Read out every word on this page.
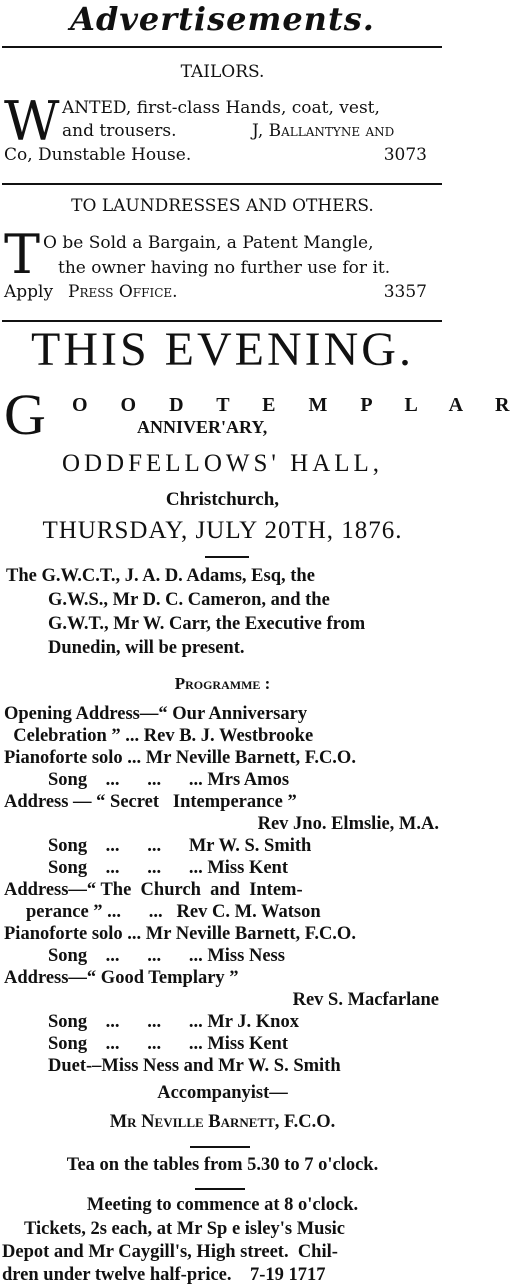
Advertisements.
TAILORS.
W ANTED, first-class Hands, coat, vest,
and trousers.	J, Ballantyne and
Co, Dunstable House.	3073
TO LAUNDRESSES AND OTHERS.
T O be Sold a Bargain, a Patent Mangle,
the owner having no further use for it.
Apply Press Office.	3357
THIS EVENING.
G O O D T E M P L A R
ANNIVER'ARY,
ODDFELLOWS' HALL,
Christchurch,
THURSDAY, JULY 20TH, 1876.
The G.W.C.T., J. A. D. Adams, Esq, the
G.W.S., Mr D. C. Cameron, and the
G.W.T., Mr W. Carr, the Executive from
Dunedin, will be present.
Programme :
Opening Address—“ Our Anniversary
Celebration ” ... Rev B. J. Westbrooke
Pianoforte solo ... Mr Neville Barnett, F.C.O.
Song    ...      ...      ... Mrs Amos
Address — “ Secret   Intemperance ”
Rev Jno. Elmslie, M.A.
Song    ...      ...      Mr W. S. Smith
Song    ...      ...      ... Miss Kent
Address—“ The  Church  and  Intem-
perance ” ...      ...   Rev C. M. Watson
Pianoforte solo ... Mr Neville Barnett, F.C.O.
Song    ...      ...      ... Miss Ness
Address—“ Good Templary ”
Rev S. Macfarlane
Song    ...      ...      ... Mr J. Knox
Song    ...      ...      ... Miss Kent
Duet-–Miss Ness and Mr W. S. Smith
Accompanyist—
Mr Neville Barnett, F.C.O.
Tea on the tables from 5.30 to 7 o'clock.
Meeting to commence at 8 o'clock.
Tickets, 2s each, at Mr Sp e isley's Music
Depot and Mr Caygill's, High street.  Chil-
dren under twelve half-price.    7-19 1717
